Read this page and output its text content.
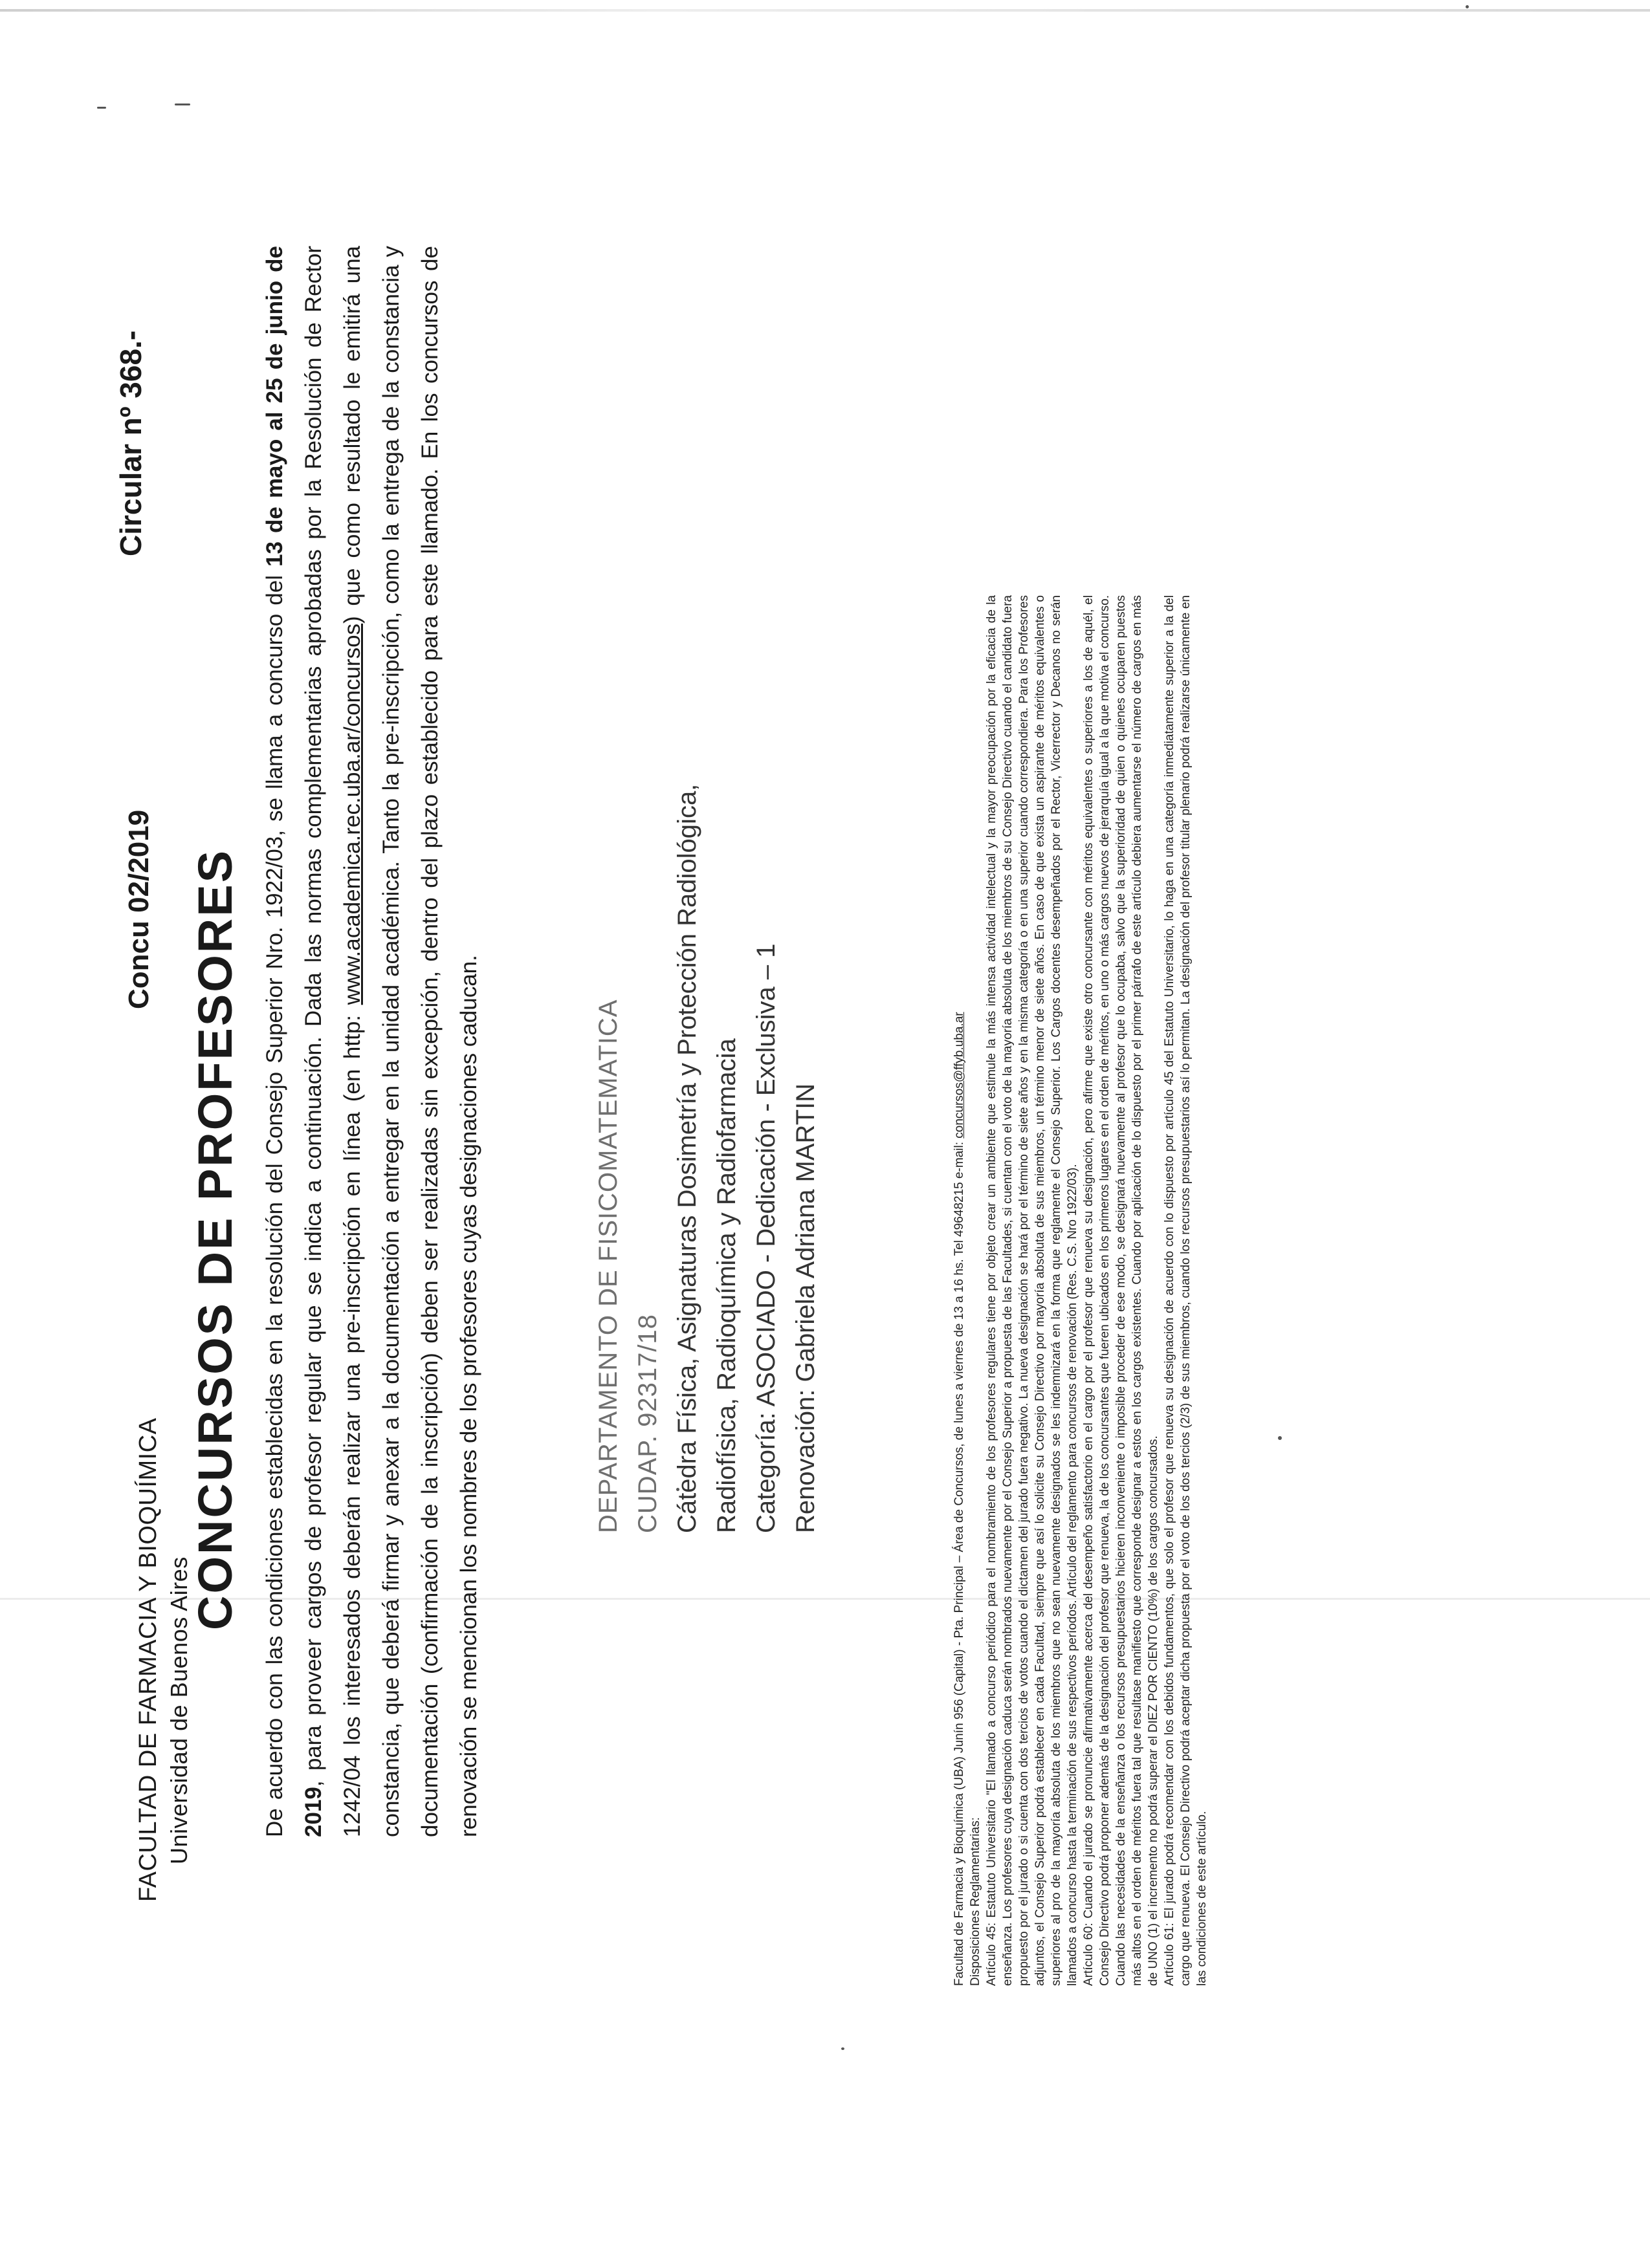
FACULTAD DE FARMACIA Y BIOQUÍMICA Universidad de Buenos Aires
Concu 02/2019
Circular nº 368.-
CONCURSOS DE PROFESORES De acuerdo con las condiciones establecidas en la resolución del Consejo Superior Nro. 1922/03, se llama a concurso del 13 de mayo al 25 de junio de 2019, para proveer cargos de profesor regular que se indica a continuación. Dada las normas complementarias aprobadas por la Resolución de Rector 1242/04 los interesados deberán realizar una pre-inscripción en línea (en http: www.academica.rec.uba.ar/concursos) que como resultado le emitirá una constancia, que deberá firmar y anexar a la documentación a entregar en la unidad académica. Tanto la pre-inscripción, como la entrega de la constancia y documentación (confirmación de la inscripción) deben ser realizadas sin excepción, dentro del plazo establecido para este llamado. En los concursos de renovación se mencionan los nombres de los profesores cuyas designaciones caducan.	DEPARTAMENTO DE FISICOMATEMATICA CUDAP. 92317/18 Cátedra Física, Asignaturas Dosimetría y Protección Radiológica, Radiofísica, Radioquímica y Radiofarmacia Categoría: ASOCIADO - Dedicación - Exclusiva – 1 Renovación: Gabriela Adriana MARTIN	Facultad de Farmacia y Bioquímica (UBA) Junín 956 (Capital) - Pta. Principal – Área de Concursos, de lunes a viernes de 13 a 16 hs. Tel 49648215 e-mail: concursos@ffyb.uba.ar
Disposiciones Reglamentarias: Artículo 45: Estatuto Universitario "El llamado a concurso periódico para el nombramiento de los profesores regulares tiene por objeto crear un ambiente que estimule la más intensa actividad intelectual y la mayor preocupación por la eficacia de la enseñanza. Los profesores cuya designación caduca serán nombrados nuevamente por el Consejo Superior a propuesta de las Facultades, si cuentan con el voto de la mayoría absoluta de los miembros de su Consejo Directivo cuando el candidato fuera propuesto por el jurado o si cuenta con dos tercios de votos cuando el dictamen del jurado fuera negativo. La nueva designación se hará por el término de siete años y en la misma categoría o en una superior cuando correspondiera. Para los Profesores adjuntos, el Consejo Superior podrá establecer en cada Facultad, siempre que así lo solicite su Consejo Directivo por mayoría absoluta de sus miembros, un término menor de siete años. En caso de que exista un aspirante de méritos equivalentes o superiores al pro de la mayoría absoluta de los miembros que no sean nuevamente designados se les indemnizará en la forma que reglamente el Consejo Superior. Los Cargos docentes desempeñados por el Rector, Vicerrector y Decanos no serán llamados a concurso hasta la terminación de sus respectivos períodos. Artículo del reglamento para concursos de renovación (Res. C.S. Nro 1922/03). Artículo 60: Cuando el jurado se pronuncie afirmativamente acerca del desempeño satisfactorio en el cargo por el profesor que renueva su designación, pero afirme que existe otro concursante con méritos equivalentes o superiores a los de aquél, el Consejo Directivo podrá proponer además de la designación del profesor que renueva, la de los concursantes que fueren ubicados en los primeros lugares en el orden de méritos, en uno o más cargos nuevos de jerarquía igual a la que motiva el concurso. Cuando las necesidades de la enseñanza o los recursos presupuestarios hicieren inconveniente o imposible proceder de ese modo, se designará nuevamente al profesor que lo ocupaba, salvo que la superioridad de quien o quienes ocuparen puestos más altos en el orden de méritos fuera tal que resultase manifiesto que corresponde designar a estos en los cargos existentes. Cuando por aplicación de lo dispuesto por el primer párrafo de este artículo debiera aumentarse el número de cargos en más de UNO (1) el incremento no podrá superar el DIEZ POR CIENTO (10%) de los cargos concursados. Artículo 61: El jurado podrá recomendar con los debidos fundamentos, que solo el profesor que renueva su designación de acuerdo con lo dispuesto por artículo 45 del Estatuto Universitario, lo haga en una categoría inmediatamente superior a la del cargo que renueva. El Consejo Directivo podrá aceptar dicha propuesta por el voto de los dos tercios (2/3) de sus miembros, cuando los recursos presupuestarios así lo permitan. La designación del profesor titular plenario podrá realizarse únicamente en las condiciones de este artículo.
